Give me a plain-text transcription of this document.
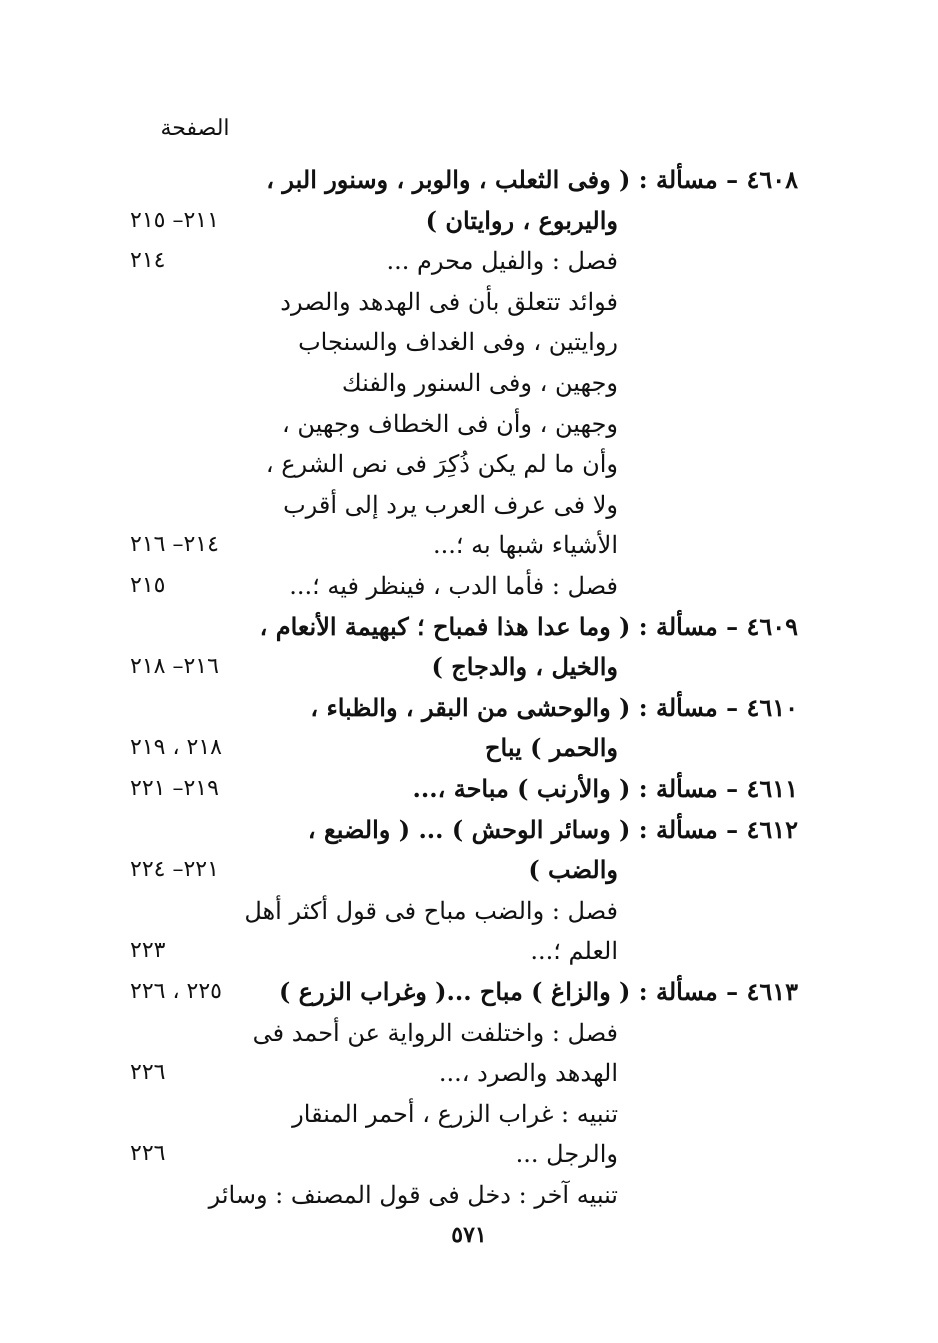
الصفحة
٤٦٠٨ – مسألة : ( وفى الثعلب ، والوبر ، وسنور البر ،
واليربوع ، روايتان )
٢١١– ٢١٥
فصل : والفيل محرم ...
٢١٤
فوائد تتعلق بأن فى الهدهد والصرد
روايتين ، وفى الغداف والسنجاب
وجهين ، وفى السنور والفنك
وجهين ، وأن فى الخطاف وجهين ،
وأن ما لم يكن ذُكِرَ فى نص الشرع ،
ولا فى عرف العرب يرد إلى أقرب
الأشياء شبها به ؛...
٢١٤– ٢١٦
فصل : فأما الدب ، فينظر فيه ؛...
٢١٥
٤٦٠٩ – مسألة : ( وما عدا هذا فمباح ؛ كبهيمة الأنعام ،
والخيل ، والدجاج )
٢١٦– ٢١٨
٤٦١٠ – مسألة : ( والوحشى من البقر ، والظباء ،
والحمر ) يباح
٢١٨ ، ٢١٩
٤٦١١ – مسألة : ( والأرنب ) مباحة ،...
٢١٩– ٢٢١
٤٦١٢ – مسألة : ( وسائر الوحش ) ... ( والضبع ،
والضب )
٢٢١– ٢٢٤
فصل : والضب مباح فى قول أكثر أهل
العلم ؛...
٢٢٣
٤٦١٣ – مسألة : ( والزاغ ) مباح ...( وغراب الزرع )
٢٢٥ ، ٢٢٦
فصل : واختلفت الرواية عن أحمد فى
الهدهد والصرد ،...
٢٢٦
تنبيه : غراب الزرع ، أحمر المنقار
والرجل ...
٢٢٦
تنبيه آخر : دخل فى قول المصنف : وسائر
٥٧١
